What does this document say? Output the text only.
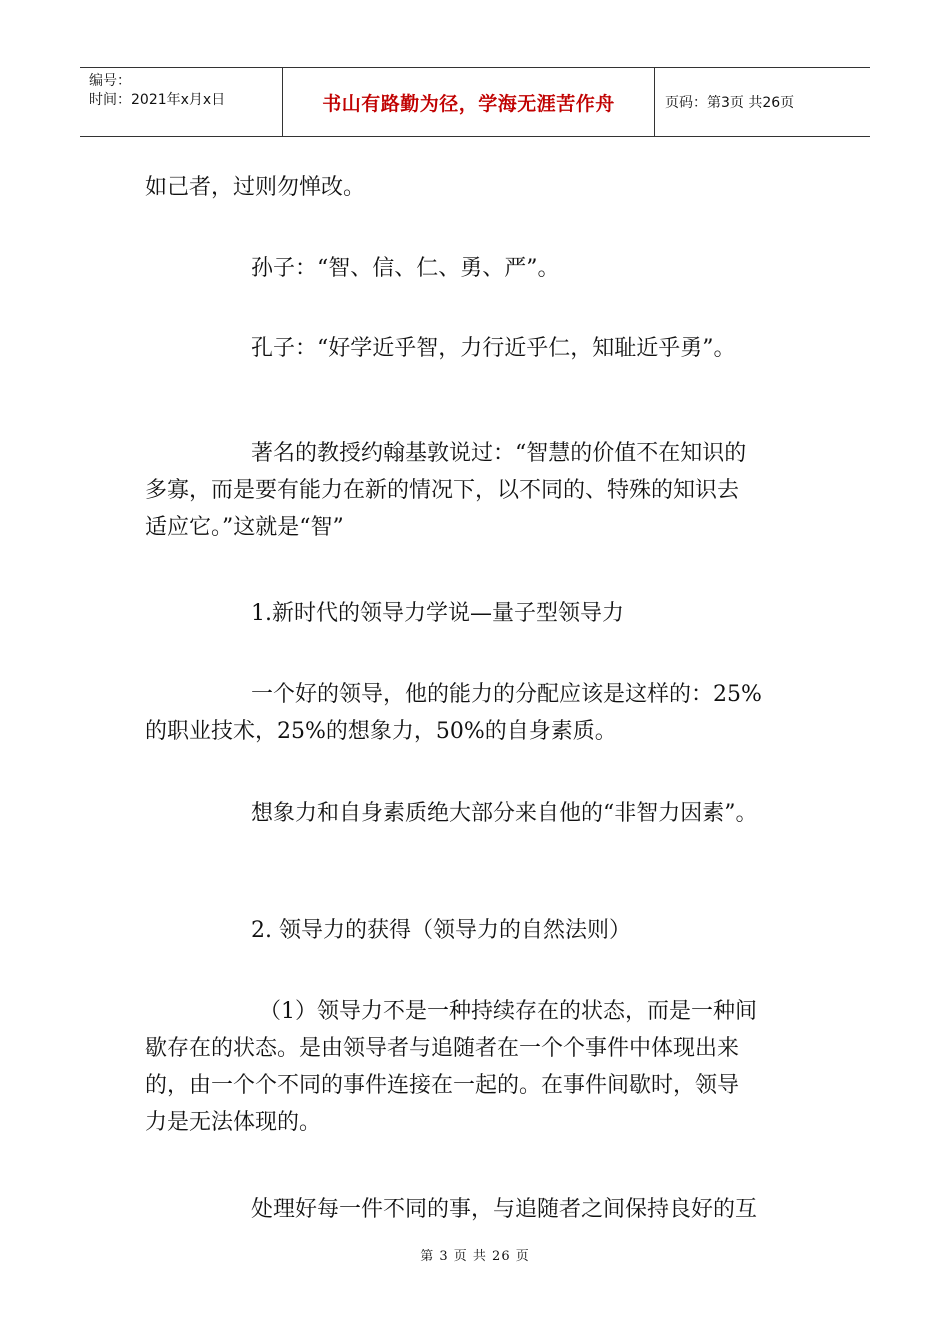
编号：
时间：2021年x月x日	书山有路勤为径，学海无涯苦作舟	页码：第3页 共26页
如己者，过则勿惮改。
孙子：“智、信、仁、勇、严”。
孔子：“好学近乎智，力行近乎仁，知耻近乎勇”。
著名的教授约翰基敦说过：“智慧的价值不在知识的
多寡，而是要有能力在新的情况下，以不同的、特殊的知识去
适应它。”这就是“智”
1.新时代的领导力学说—量子型领导力
一个好的领导，他的能力的分配应该是这样的：25%
的职业技术，25%的想象力，50%的自身素质。
想象力和自身素质绝大部分来自他的“非智力因素”。
2. 领导力的获得（领导力的自然法则）
（1）领导力不是一种持续存在的状态，而是一种间
歇存在的状态。是由领导者与追随者在一个个事件中体现出来
的，由一个个不同的事件连接在一起的。在事件间歇时，领导
力是无法体现的。
处理好每一件不同的事，与追随者之间保持良好的互
第 3 页 共 26 页
